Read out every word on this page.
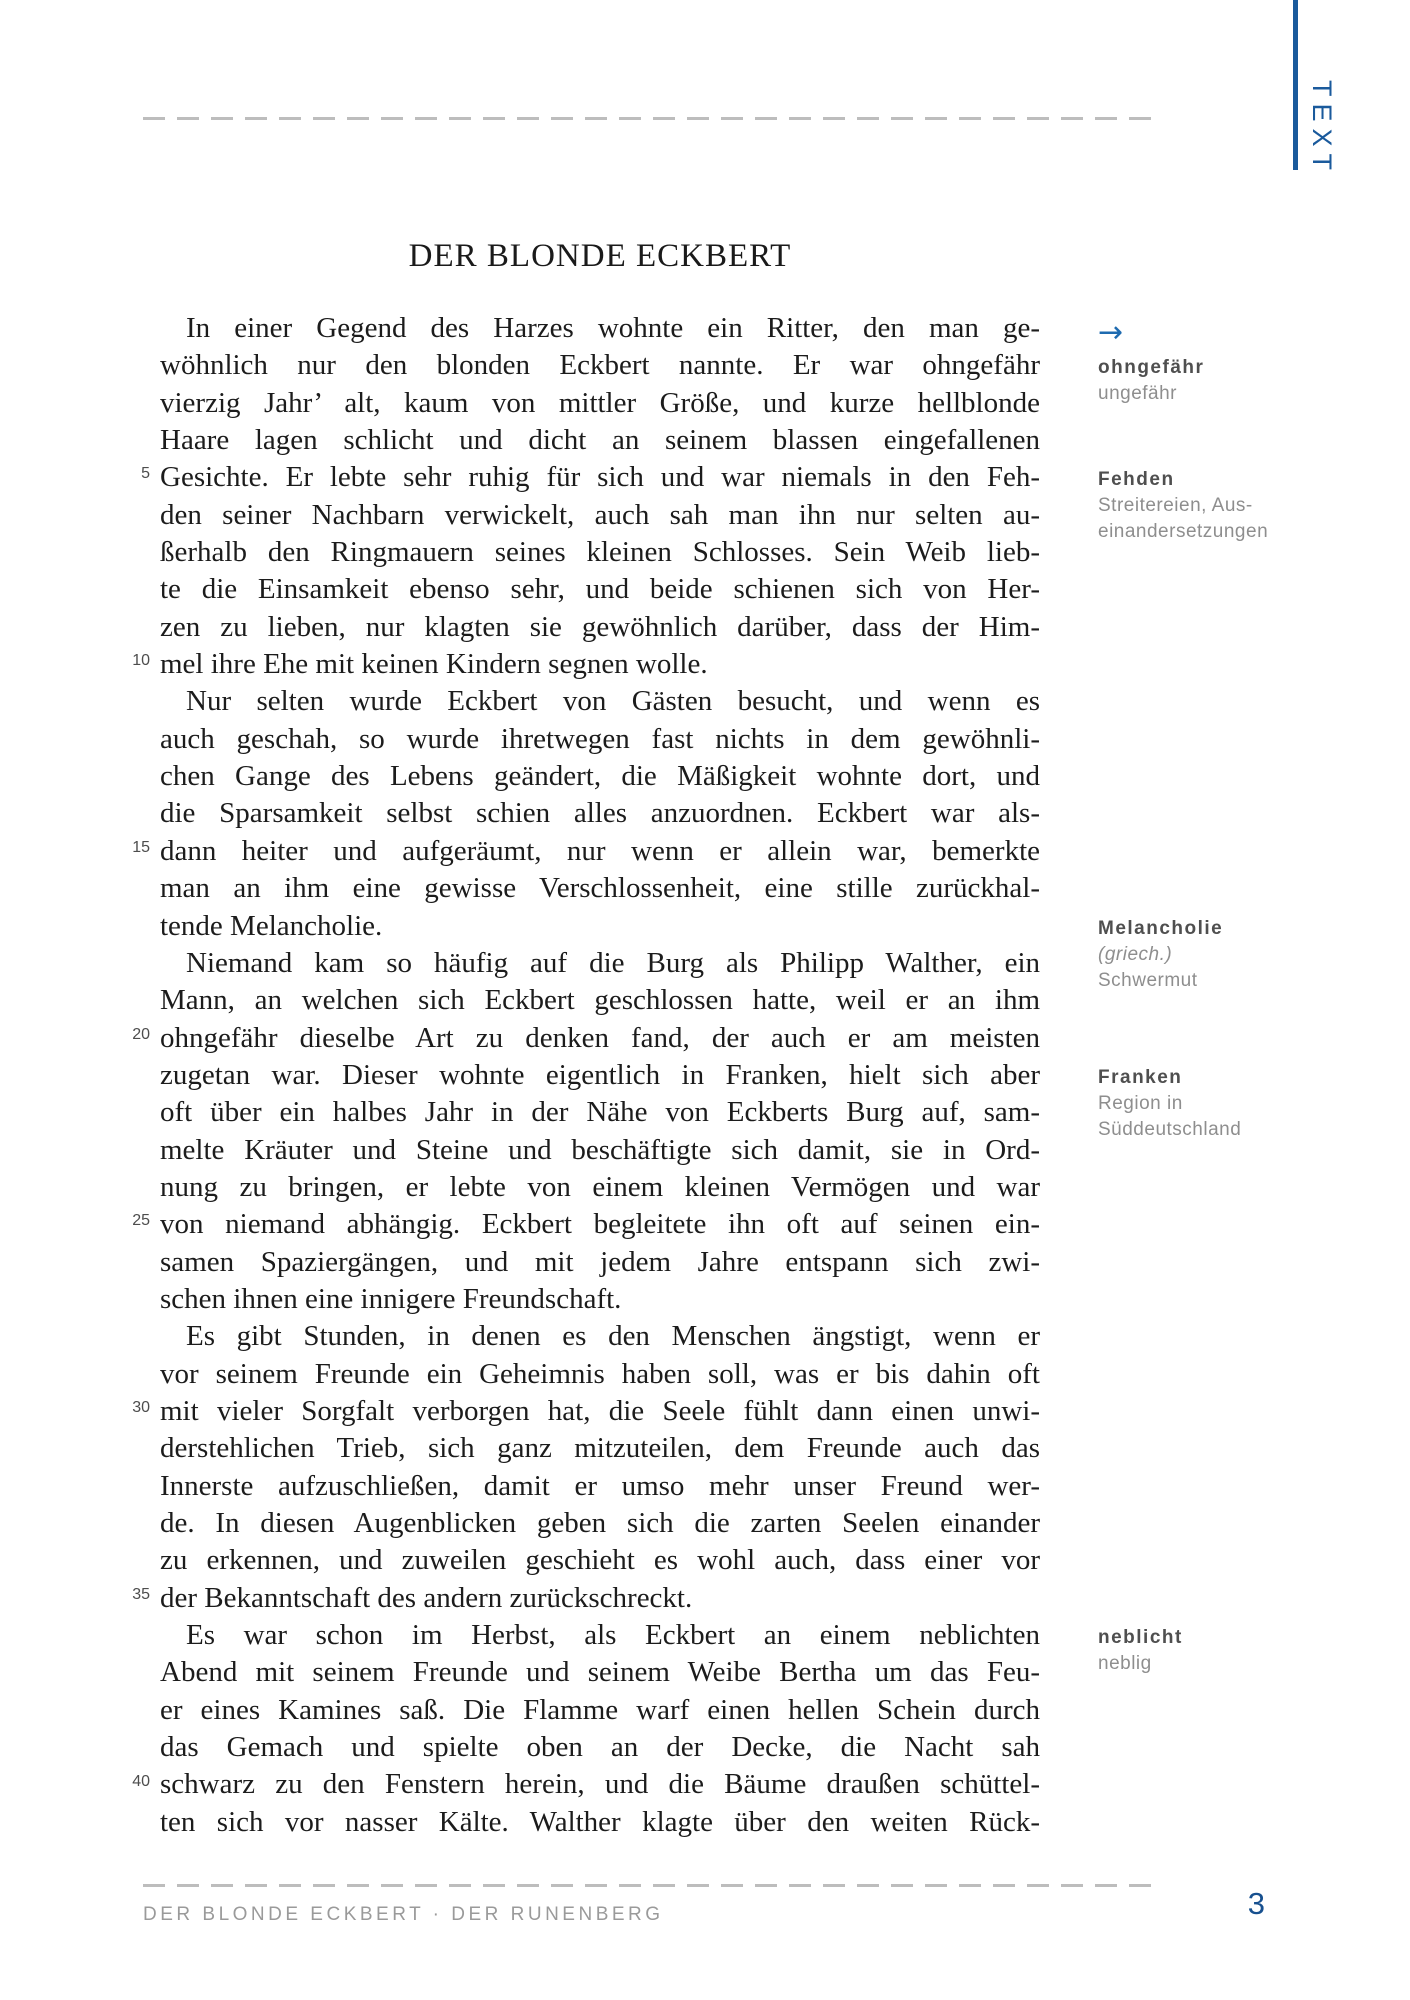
TEXT
DER BLONDE ECKBERT
5
10
15
20
25
30
35
40
In einer Gegend des Harzes wohnte ein Ritter, den man ge-
wöhnlich nur den blonden Eckbert nannte. Er war ohngefähr
vierzig Jahr’ alt, kaum von mittler Größe, und kurze hellblonde
Haare lagen schlicht und dicht an seinem blassen eingefallenen
Gesichte. Er lebte sehr ruhig für sich und war niemals in den Feh-
den seiner Nachbarn verwickelt, auch sah man ihn nur selten au-
ßerhalb den Ringmauern seines kleinen Schlosses. Sein Weib lieb-
te die Einsamkeit ebenso sehr, und beide schienen sich von Her-
zen zu lieben, nur klagten sie gewöhnlich darüber, dass der Him-
mel ihre Ehe mit keinen Kindern segnen wolle.
Nur selten wurde Eckbert von Gästen besucht, und wenn es
auch geschah, so wurde ihretwegen fast nichts in dem gewöhnli-
chen Gange des Lebens geändert, die Mäßigkeit wohnte dort, und
die Sparsamkeit selbst schien alles anzuordnen. Eckbert war als-
dann heiter und aufgeräumt, nur wenn er allein war, bemerkte
man an ihm eine gewisse Verschlossenheit, eine stille zurückhal-
tende Melancholie.
Niemand kam so häufig auf die Burg als Philipp Walther, ein
Mann, an welchen sich Eckbert geschlossen hatte, weil er an ihm
ohngefähr dieselbe Art zu denken fand, der auch er am meisten
zugetan war. Dieser wohnte eigentlich in Franken, hielt sich aber
oft über ein halbes Jahr in der Nähe von Eckberts Burg auf, sam-
melte Kräuter und Steine und beschäftigte sich damit, sie in Ord-
nung zu bringen, er lebte von einem kleinen Vermögen und war
von niemand abhängig. Eckbert begleitete ihn oft auf seinen ein-
samen Spaziergängen, und mit jedem Jahre entspann sich zwi-
schen ihnen eine innigere Freundschaft.
Es gibt Stunden, in denen es den Menschen ängstigt, wenn er
vor seinem Freunde ein Geheimnis haben soll, was er bis dahin oft
mit vieler Sorgfalt verborgen hat, die Seele fühlt dann einen unwi-
derstehlichen Trieb, sich ganz mitzuteilen, dem Freunde auch das
Innerste aufzuschließen, damit er umso mehr unser Freund wer-
de. In diesen Augenblicken geben sich die zarten Seelen einander
zu erkennen, und zuweilen geschieht es wohl auch, dass einer vor
der Bekanntschaft des andern zurückschreckt.
Es war schon im Herbst, als Eckbert an einem neblichten
Abend mit seinem Freunde und seinem Weibe Bertha um das Feu-
er eines Kamines saß. Die Flamme warf einen hellen Schein durch
das Gemach und spielte oben an der Decke, die Nacht sah
schwarz zu den Fenstern herein, und die Bäume draußen schüttel-
ten sich vor nasser Kälte. Walther klagte über den weiten Rück-
→
ohngefähr
ungefähr
Fehden
Streitereien, Aus-
einandersetzungen
Melancholie
(griech.)
Schwermut
Franken
Region in
Süddeutschland
neblicht
neblig
DER BLONDE ECKBERT · DER RUNENBERG	3
